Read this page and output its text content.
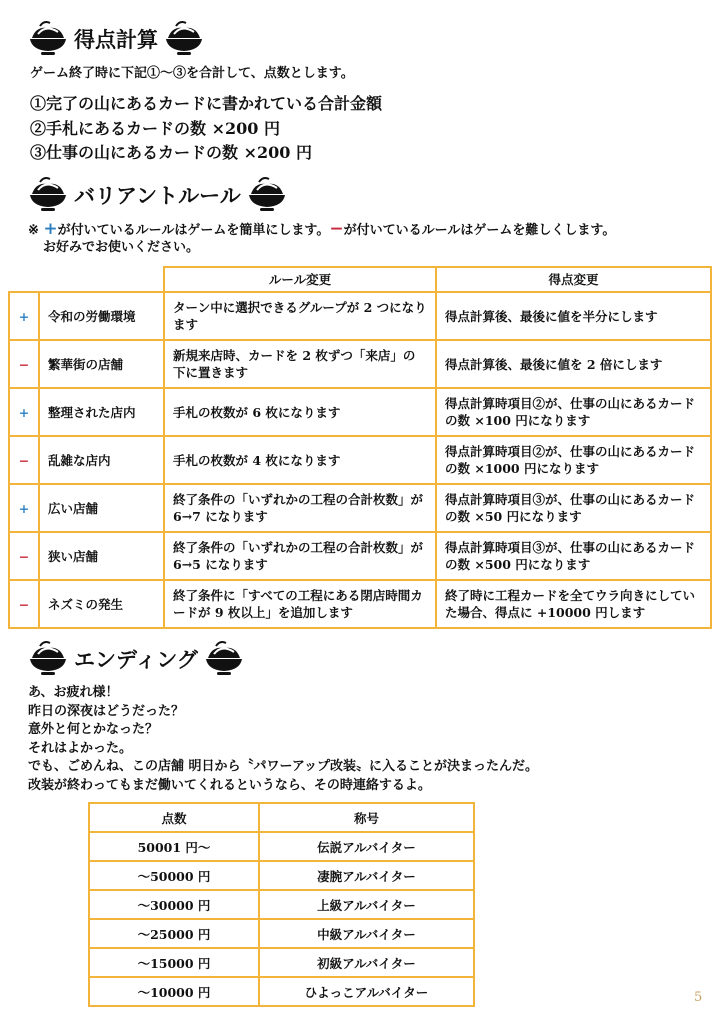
得点計算
ゲーム終了時に下記①～③を合計して、点数とします。
①完了の山にあるカードに書かれている合計金額
②手札にあるカードの数 ×200 円
③仕事の山にあるカードの数 ×200 円
バリアントルール
※ +が付いているルールはゲームを簡単にします。−が付いているルールはゲームを難しくします。
お好みでお使いください。
		ルール変更	得点変更
+	令和の労働環境	ターン中に選択できるグループが 2 つになります	得点計算後、最後に値を半分にします
−	繁華街の店舗	新規来店時、カードを 2 枚ずつ「来店」の下に置きます	得点計算後、最後に値を 2 倍にします
+	整理された店内	手札の枚数が 6 枚になります	得点計算時項目②が、仕事の山にあるカードの数 ×100 円になります
−	乱雑な店内	手札の枚数が 4 枚になります	得点計算時項目②が、仕事の山にあるカードの数 ×1000 円になります
+	広い店舗	終了条件の「いずれかの工程の合計枚数」が 6→7 になります	得点計算時項目③が、仕事の山にあるカードの数 ×50 円になります
−	狭い店舗	終了条件の「いずれかの工程の合計枚数」が 6→5 になります	得点計算時項目③が、仕事の山にあるカードの数 ×500 円になります
−	ネズミの発生	終了条件に「すべての工程にある閉店時間カードが 9 枚以上」を追加します	終了時に工程カードを全てウラ向きにしていた場合、得点に +10000 円します
エンディング
あ、お疲れ様！
昨日の深夜はどうだった？
意外と何とかなった？
それはよかった。
でも、ごめんね、この店舗 明日から〝パワーアップ改装〟に入ることが決まったんだ。
改装が終わってもまだ働いてくれるというなら、その時連絡するよ。
点数	称号
50001 円～	伝説アルバイター
～50000 円	凄腕アルバイター
～30000 円	上級アルバイター
～25000 円	中級アルバイター
～15000 円	初級アルバイター
～10000 円	ひよっこアルバイター	5
